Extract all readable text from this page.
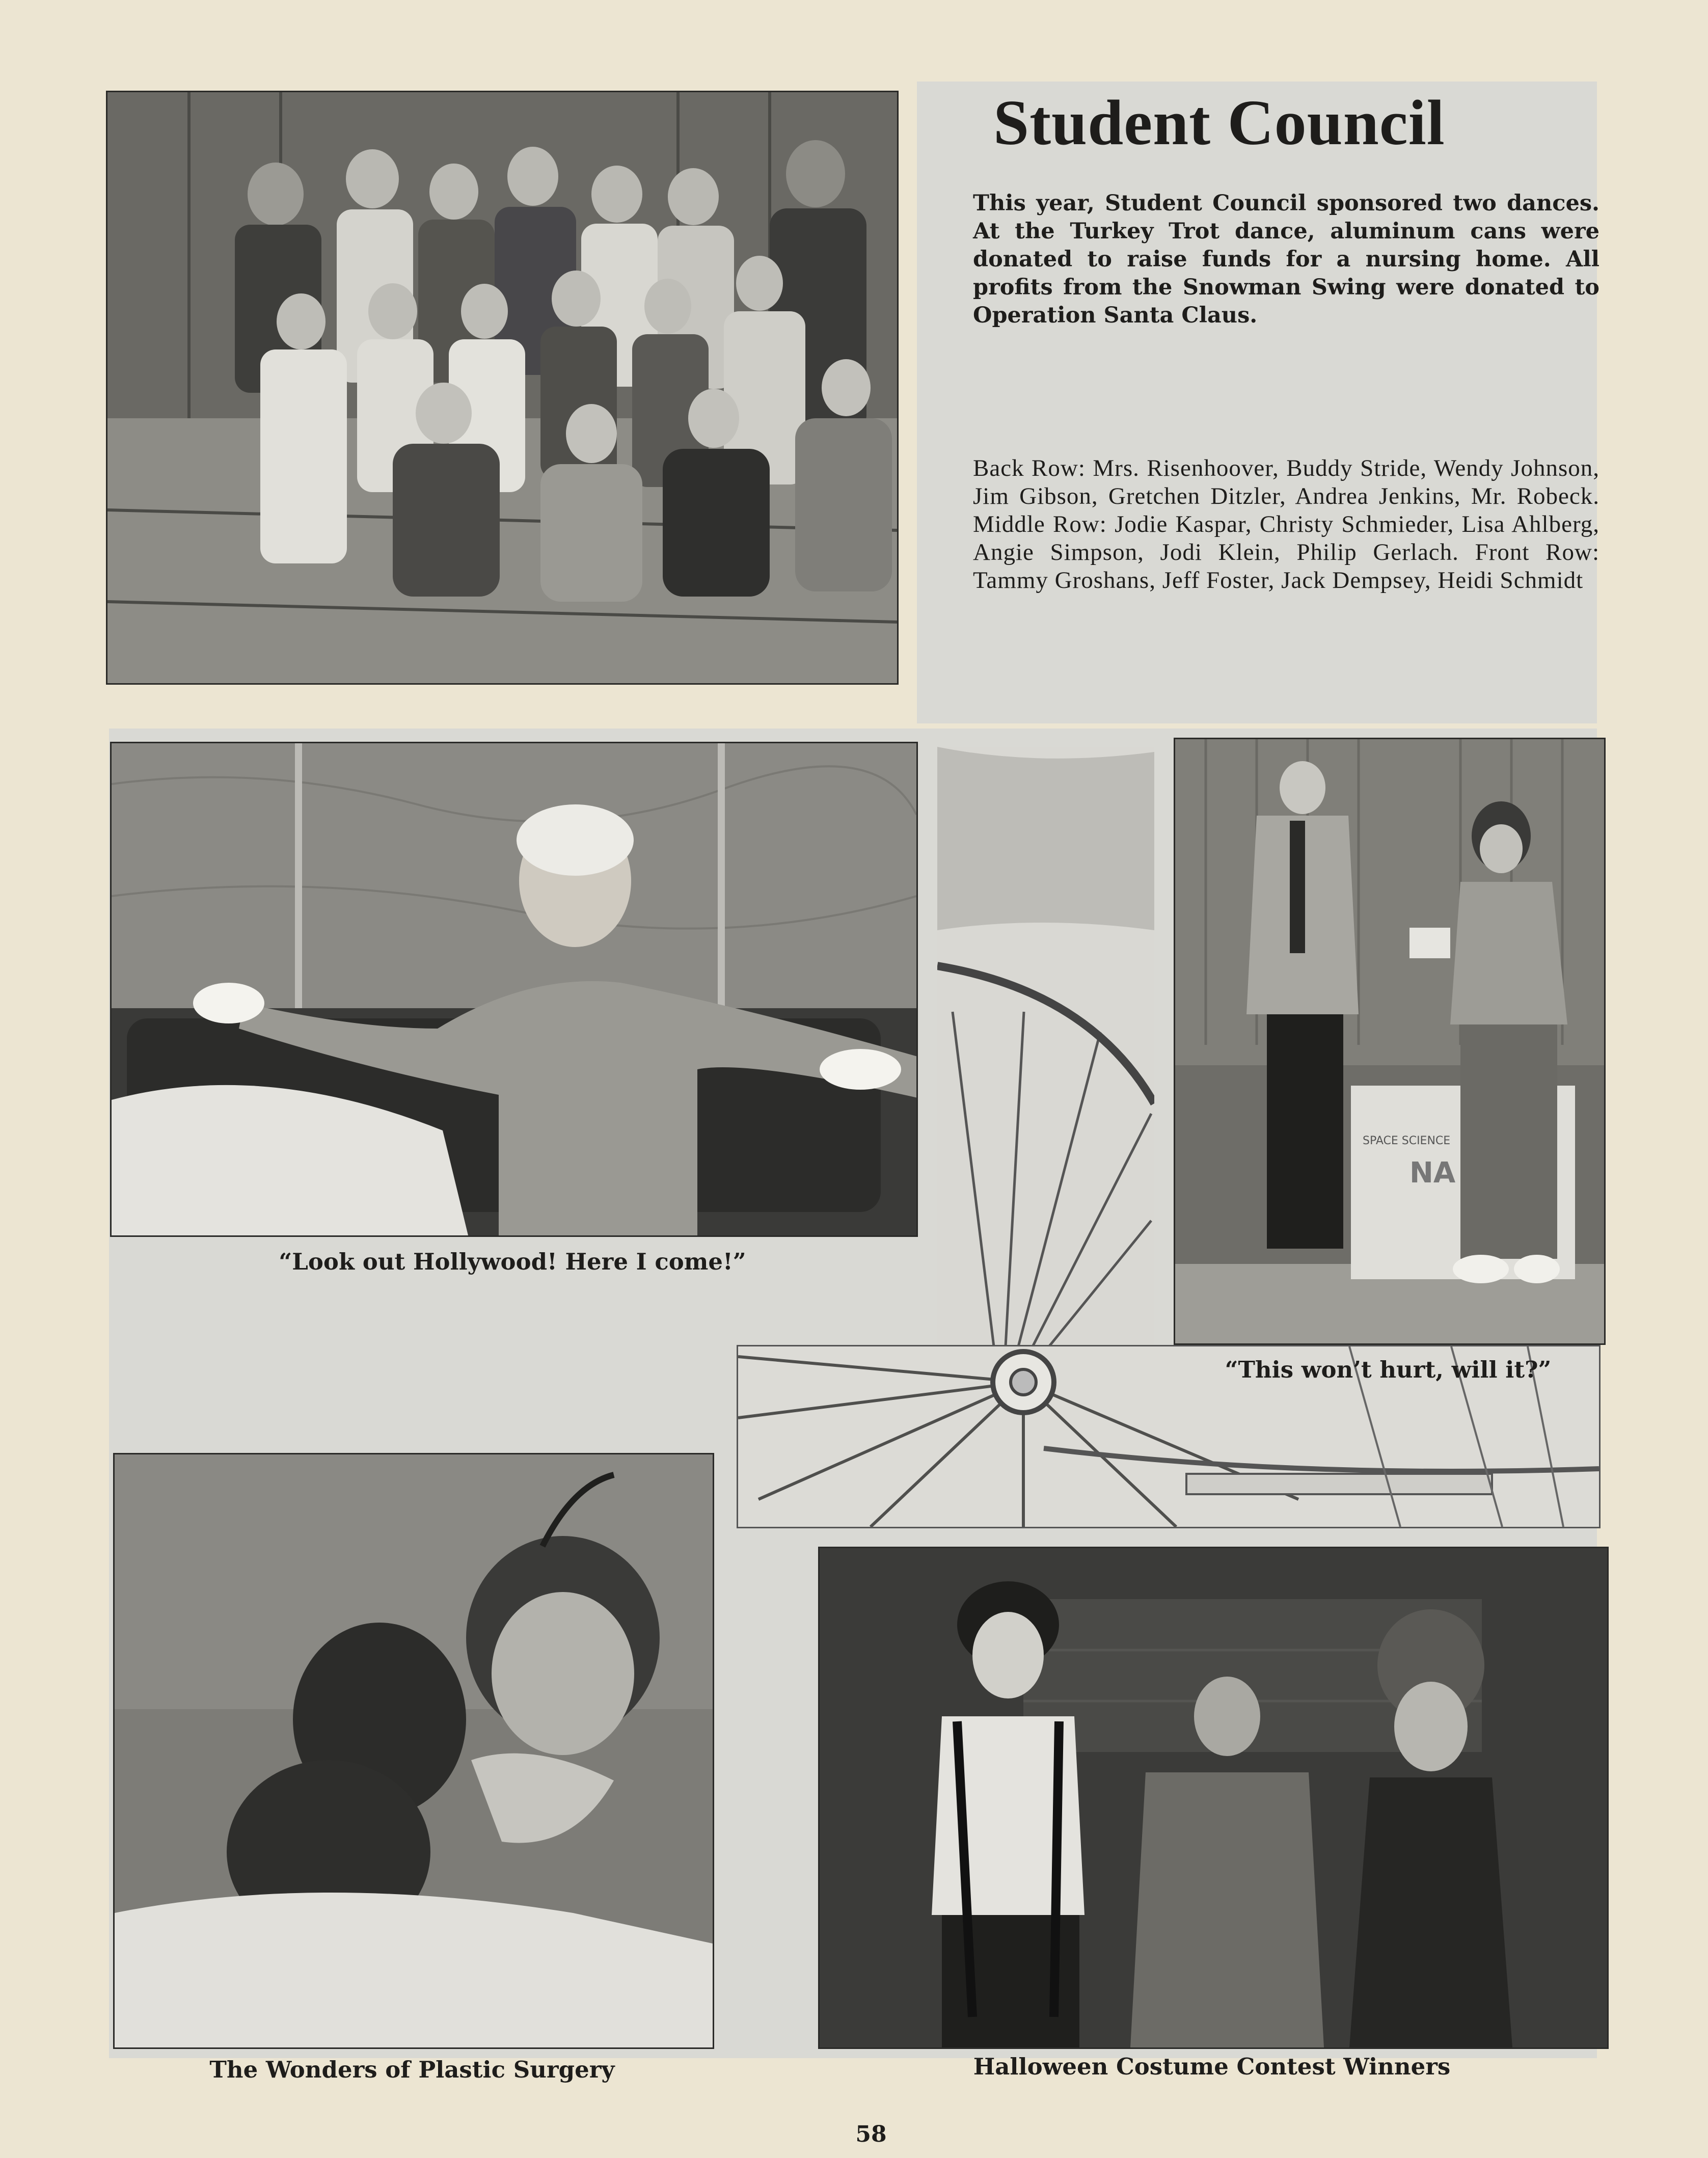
Student Council

This year, Student Council sponsored two dances. At the Turkey Trot dance, aluminum cans were donated to raise funds for a nursing home. All profits from the Snowman Swing were donated to Operation Santa Claus.

Back Row: Mrs. Risenhoover, Buddy Stride, Wendy Johnson, Jim Gibson, Gretchen Ditzler, Andrea Jenkins, Mr. Robeck. Middle Row: Jodie Kaspar, Christy Schmieder, Lisa Ahlberg, Angie Simpson, Jodi Klein, Philip Gerlach. Front Row: Tammy Groshans, Jeff Foster, Jack Dempsey, Heidi Schmidt

“Look out Hollywood! Here I come!”

SPACE SCIENCE
NA

“This won’t hurt, will it?”

The Wonders of Plastic Surgery	Halloween Costume Contest Winners

58
